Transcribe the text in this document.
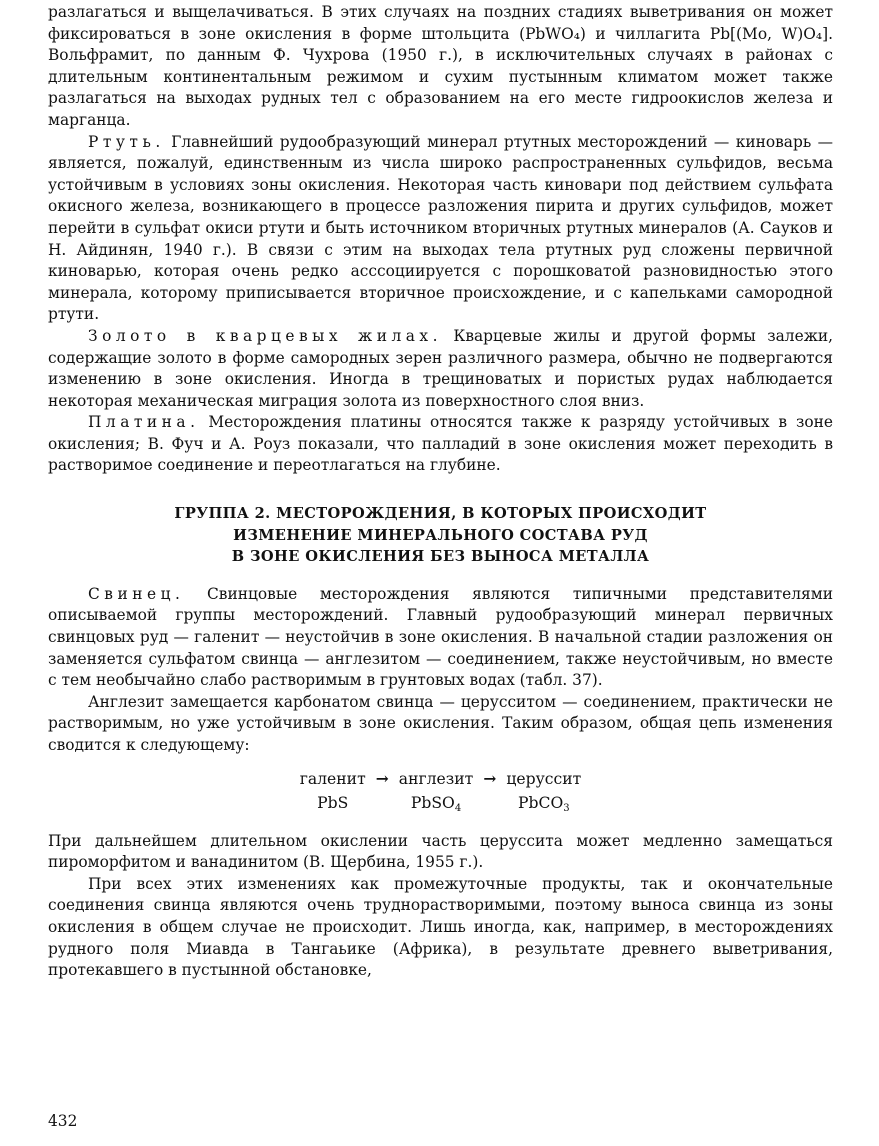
разлагаться и выщелачиваться. В этих случаях на поздних стадиях выветривания он может фиксироваться в зоне окисления в форме штольцита (PbWO₄) и чиллагита Pb[(Mo, W)O₄]. Вольфрамит, по данным Ф. Чухрова (1950 г.), в исключительных случаях в районах с длительным континентальным режимом и сухим пустынным климатом может также разлагаться на выходах рудных тел с образованием на его месте гидроокислов железа и марганца.

Ртуть. Главнейший рудообразующий минерал ртутных месторождений — киноварь — является, пожалуй, единственным из числа широко распространенных сульфидов, весьма устойчивым в условиях зоны окисления. Некоторая часть киновари под действием сульфата окисного железа, возникающего в процессе разложения пирита и других сульфидов, может перейти в сульфат окиси ртути и быть источником вторичных ртутных минералов (А. Сауков и Н. Айдинян, 1940 г.). В связи с этим на выходах тела ртутных руд сложены первичной киноварью, которая очень редко асссоциируется с порошковатой разновидностью этого минерала, которому приписывается вторичное происхождение, и с капельками самородной ртути.

Золото в кварцевых жилах. Кварцевые жилы и другой формы залежи, содержащие золото в форме самородных зерен различного размера, обычно не подвергаются изменению в зоне окисления. Иногда в трещиноватых и пористых рудах наблюдается некоторая механическая миграция золота из поверхностного слоя вниз.

Платина. Месторождения платины относятся также к разряду устойчивых в зоне окисления; В. Фуч и А. Роуз показали, что палладий в зоне окисления может переходить в растворимое соединение и переотлагаться на глубине.

ГРУППА 2. МЕСТОРОЖДЕНИЯ, В КОТОРЫХ ПРОИСХОДИТ
ИЗМЕНЕНИЕ МИНЕРАЛЬНОГО СОСТАВА РУД
В ЗОНЕ ОКИСЛЕНИЯ БЕЗ ВЫНОСА МЕТАЛЛА

Свинец. Свинцовые месторождения являются типичными представителями описываемой группы месторождений. Главный рудообразующий минерал первичных свинцовых руд — галенит — неустойчив в зоне окисления. В начальной стадии разложения он заменяется сульфатом свинца — англезитом — соединением, также неустойчивым, но вместе с тем необычайно слабо растворимым в грунтовых водах (табл. 37).

Англезит замещается карбонатом свинца — церусситом — соединением, практически не растворимым, но уже устойчивым в зоне окисления. Таким образом, общая цепь изменения сводится к следующему:

галенит	→	англезит	→	церуссит
PbS		PbSO$_4$		PbCO$_3$

При дальнейшем длительном окислении часть церуссита может медленно замещаться пироморфитом и ванадинитом (В. Щербина, 1955 г.).

При всех этих изменениях как промежуточные продукты, так и окончательные соединения свинца являются очень труднорастворимыми, поэтому выноса свинца из зоны окисления в общем случае не происходит. Лишь иногда, как, например, в месторождениях рудного поля Миавда в Тангаьике (Африка), в результате древнего выветривания, протекавшего в пустынной обстановке,

432
